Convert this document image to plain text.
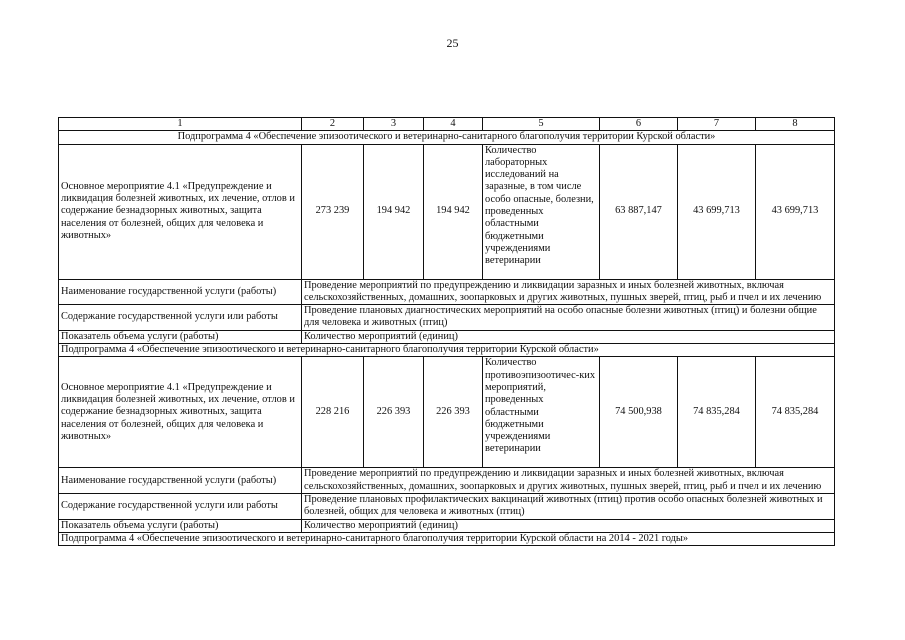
25
1	2	3	4	5	6	7	8
Подпрограмма 4 «Обеспечение эпизоотического и ветеринарно-санитарного благополучия территории Курской области»							
Основное мероприятие 4.1 «Предупреждение и ликвидация болезней животных, их лечение, отлов и содержание безнадзорных животных, защита населения от болезней, общих для человека и животных»	273 239	194 942	194 942	Количество лабораторных исследований на заразные, в том числе особо опасные, болезни, проведенных областными бюджетными учреждениями ветеринарии	63 887,147	43 699,713	43 699,713
Наименование государственной услуги (работы)	Проведение мероприятий по предупреждению и ликвидации заразных и иных болезней животных, включая сельскохозяйственных, домашних, зоопарковых и других животных, пушных зверей, птиц, рыб и пчел и их лечению						
Содержание государственной услуги или работы	Проведение плановых диагностических мероприятий на особо опасные болезни животных (птиц) и болезни общие для человека и животных (птиц)						
Показатель объема услуги (работы)	Количество мероприятий (единиц)						
Подпрограмма 4 «Обеспечение эпизоотического и ветеринарно-санитарного благополучия территории Курской области»							
Основное мероприятие 4.1 «Предупреждение и ликвидация болезней животных, их лечение, отлов и содержание безнадзорных животных, защита населения от болезней, общих для человека и животных»	228 216	226 393	226 393	Количество противоэпизоотичес-ких мероприятий, проведенных областными бюджетными учреждениями ветеринарии	74 500,938	74 835,284	74 835,284
Наименование государственной услуги (работы)	Проведение мероприятий по предупреждению и ликвидации заразных и иных болезней животных, включая сельскохозяйственных, домашних, зоопарковых и других животных, пушных зверей, птиц, рыб и пчел и их лечению						
Содержание государственной услуги или работы	Проведение плановых профилактических вакцинаций животных (птиц) против особо опасных болезней животных и болезней, общих для человека и животных (птиц)						
Показатель объема услуги (работы)	Количество мероприятий (единиц)						
Подпрограмма 4 «Обеспечение эпизоотического и ветеринарно-санитарного благополучия территории Курской области на 2014 - 2021 годы»							
